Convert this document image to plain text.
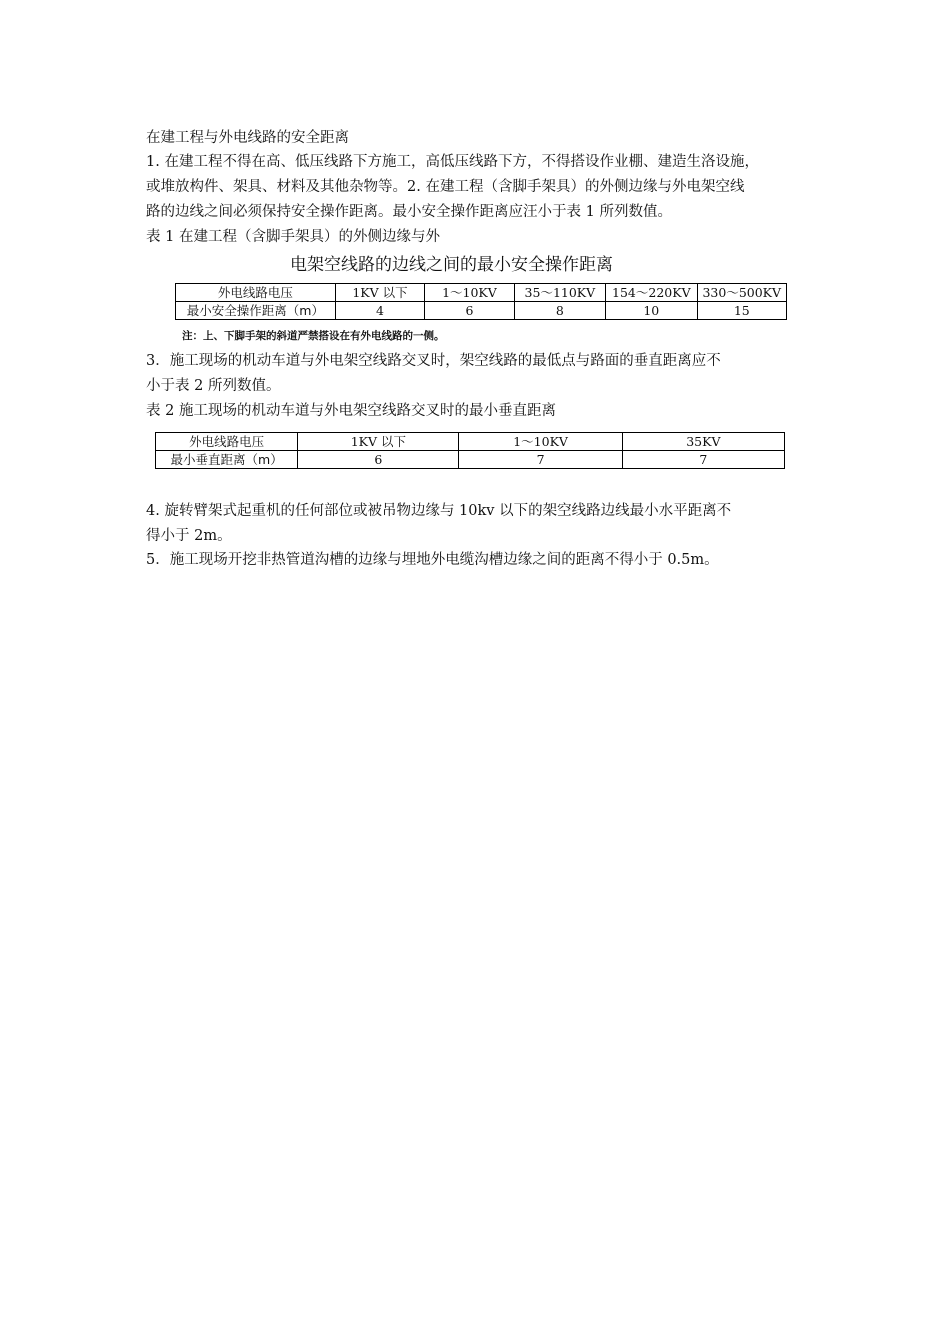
在建工程与外电线路的安全距离
1. 在建工程不得在高、低压线路下方施工，高低压线路下方，不得搭设作业棚、建造生洛设施，
或堆放构件、架具、材料及其他杂物等。2. 在建工程（含脚手架具）的外侧边缘与外电架空线
路的边线之间必须保持安全操作距离。最小安全操作距离应汪小于表 1 所列数值。
表 1 在建工程（含脚手架具）的外侧边缘与外
电架空线路的边线之间的最小安全操作距离
外电线路电压	1KV 以下	1～10KV	35～110KV	154～220KV	330～500KV
最小安全操作距离（m）	4	6	8	10	15
注：上、下脚手架的斜道严禁搭设在有外电线路的一侧。
3．施工现场的机动车道与外电架空线路交叉时，架空线路的最低点与路面的垂直距离应不
小于表 2 所列数值。
表 2 施工现场的机动车道与外电架空线路交叉时的最小垂直距离
外电线路电压	1KV 以下	1～10KV	35KV
最小垂直距离（m）	6	7	7
4. 旋转臂架式起重机的任何部位或被吊物边缘与 10kv 以下的架空线路边线最小水平距离不
得小于 2m。
5．施工现场开挖非热管道沟槽的边缘与埋地外电缆沟槽边缘之间的距离不得小于 0.5m。
